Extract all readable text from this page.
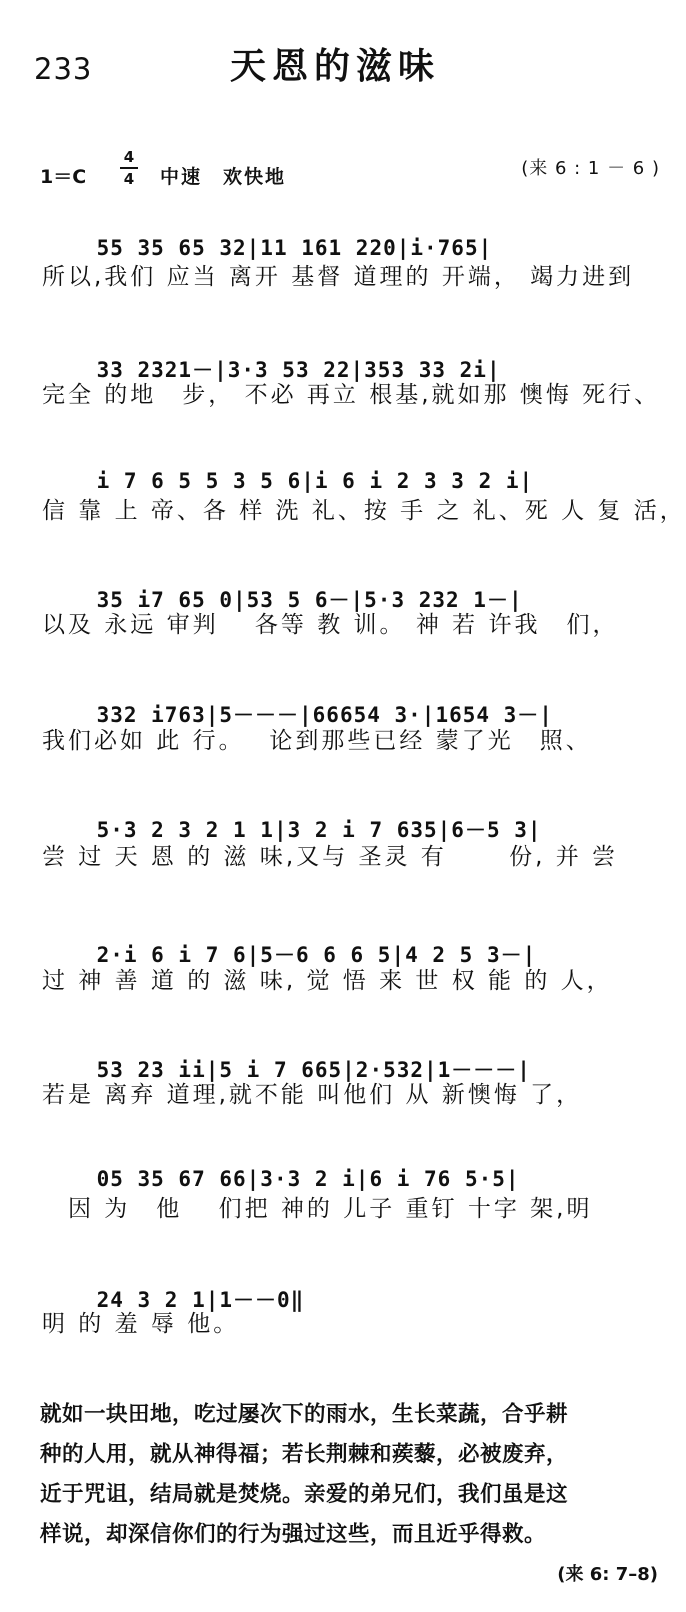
233	天恩的滋味
1＝C
4
4 中速　欢快地	(来 6 : 1 － 6 )

55 35 65 32|11 161 220|i·765|

所以,我们 应当 离开 基督 道理的 开端， 竭力进到

33 2321－|3·3 53 22|353 33 2i|

完全 的地　步， 不必 再立 根基,就如那 懊悔 死行、

i 7 6 5 5 3 5 6|i 6 i 2 3 3 2 i|

信 靠 上 帝、各 样 洗 礼、按 手 之 礼、死 人 复 活，

35 i7 65 0|53 5 6－|5·3 232 1－|

以及 永远 审判　 各等 教 训。 神 若 许我　们，

332 i763|5－－－|66654 3·|1654 3－|

我们必如 此 行。　 论到那些已经 蒙了光　照、

5·3 2 3 2 1 1|3 2 i 7 635|6－5 3|

尝 过 天 恩 的 滋 味,又与 圣灵 有　　 份, 并 尝

2·i 6 i 7 6|5－6 6 6 5|4 2 5 3－|

过 神 善 道 的 滋 味, 觉 悟 来 世 权 能 的 人，

53 23 ii|5 i 7 665|2·532|1－－－|

若是 离弃 道理,就不能 叫他们 从 新懊悔 了，

05 35 67 66|3·3 2 i|6 i 76 5·5|

　因 为　他　 们把 神的 儿子 重钉 十字 架,明

24 3 2 1|1－－0‖

明 的 羞 辱 他。
就如一块田地，吃过屡次下的雨水，生长菜蔬，合乎耕
种的人用，就从神得福；若长荆棘和蒺藜，必被废弃，
近于咒诅，结局就是焚烧。亲爱的弟兄们，我们虽是这
样说，却深信你们的行为强过这些，而且近乎得救。
(来 6: 7–8)
